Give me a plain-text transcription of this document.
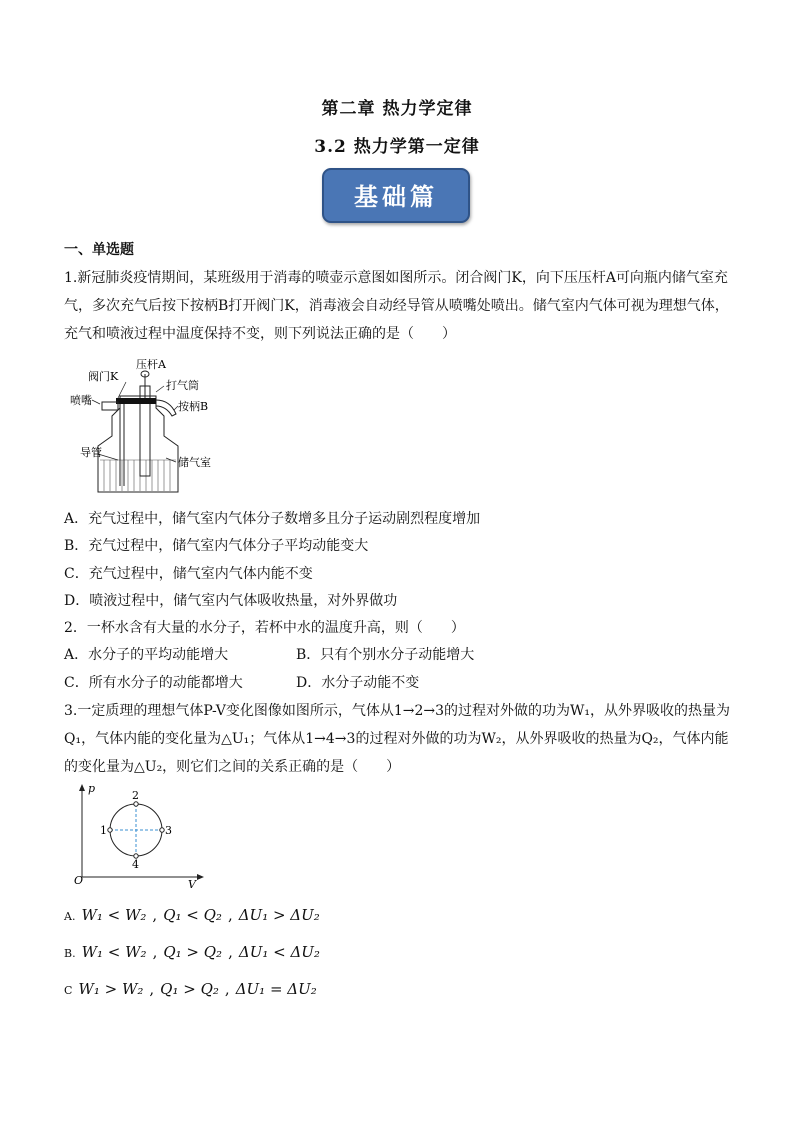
第二章 热力学定律
3.2 热力学第一定律
基础篇
一、单选题
1.新冠肺炎疫情期间，某班级用于消毒的喷壶示意图如图所示。闭合阀门K，向下压压杆A可向瓶内储气室充气，多次充气后按下按柄B打开阀门K，消毒液会自动经导管从喷嘴处喷出。储气室内气体可视为理想气体，充气和喷液过程中温度保持不变，则下列说法正确的是（　　）
压杆A
阀门K
打气筒
喷嘴	按柄B
导管
储气室
A．充气过程中，储气室内气体分子数增多且分子运动剧烈程度增加
B．充气过程中，储气室内气体分子平均动能变大
C．充气过程中，储气室内气体内能不变
D．喷液过程中，储气室内气体吸收热量，对外界做功
2．一杯水含有大量的水分子，若杯中水的温度升高，则（　　）
A．水分子的平均动能增大	B．只有个别水分子动能增大
C．所有水分子的动能都增大	D．水分子动能不变
3.一定质理的理想气体P-V变化图像如图所示，气体从1→2→3的过程对外做的功为W₁，从外界吸收的热量为Q₁，气体内能的变化量为△U₁；气体从1→4→3的过程对外做的功为W₂，从外界吸收的热量为Q₂，气体内能的变化量为△U₂，则它们之间的关系正确的是（　　）
p
V
O
1
2
3
4
A. W₁ < W₂ , Q₁ < Q₂ , ΔU₁ > ΔU₂
B. W₁ < W₂ , Q₁ > Q₂ , ΔU₁ < ΔU₂
C W₁ > W₂ , Q₁ > Q₂ , ΔU₁ = ΔU₂
